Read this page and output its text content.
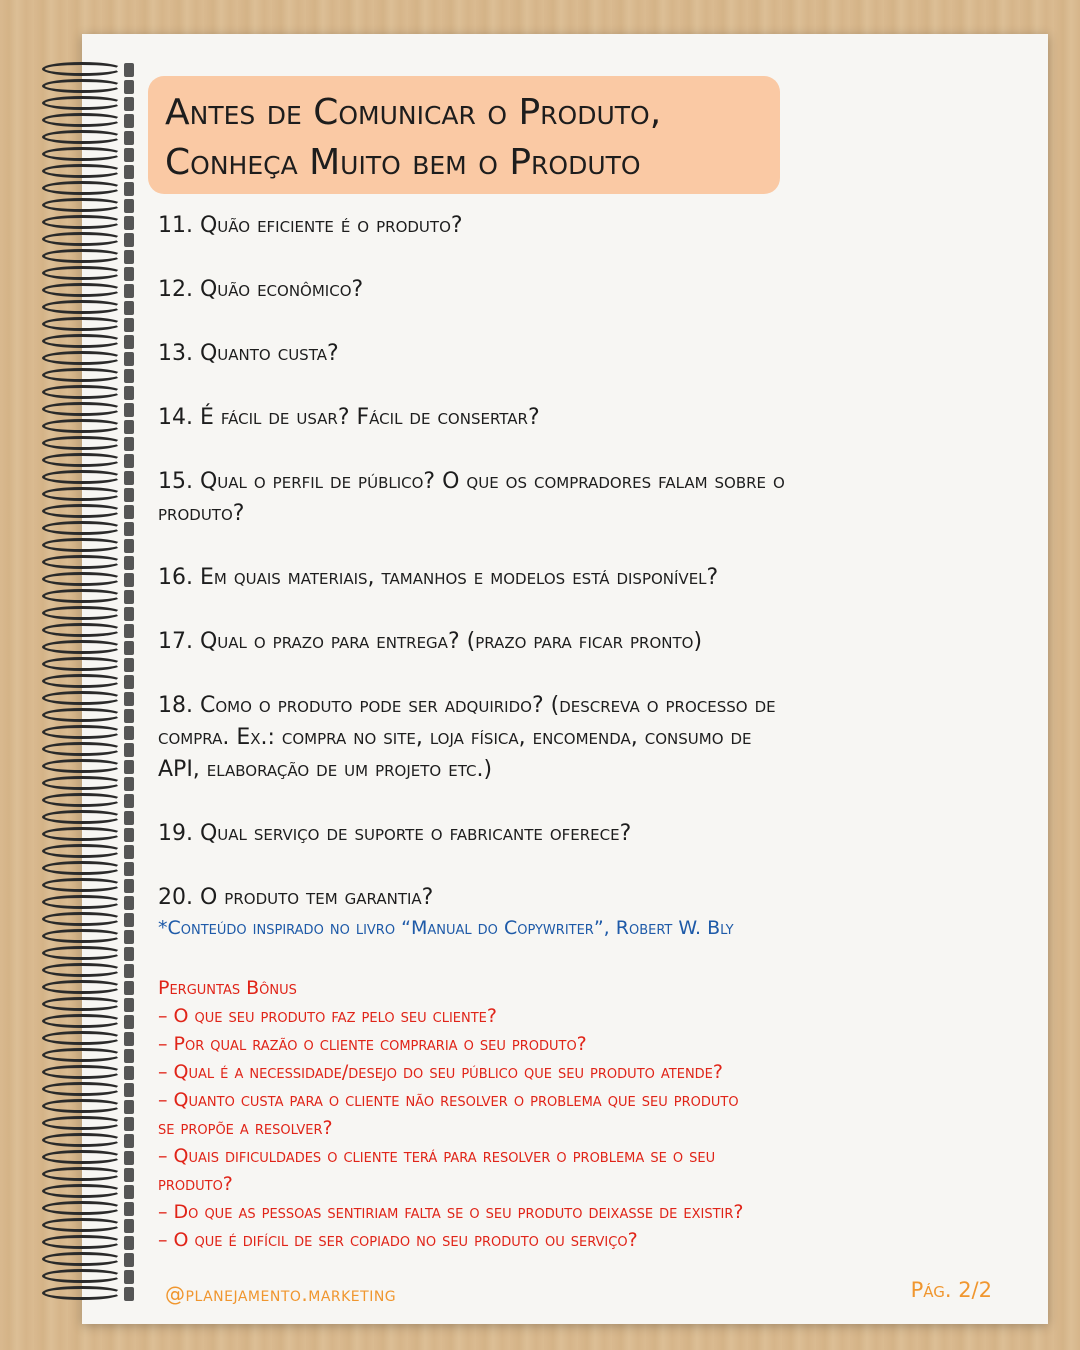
Antes de Comunicar o Produto,
Conheça Muito bem o Produto
11. Quão eficiente é o produto?
12. Quão econômico?
13. Quanto custa?
14. É fácil de usar? Fácil de consertar?
15. Qual o perfil de público? O que os compradores falam sobre o
produto?
16. Em quais materiais, tamanhos e modelos está disponível?
17. Qual o prazo para entrega? (prazo para ficar pronto)
18. Como o produto pode ser adquirido? (descreva o processo de
compra. Ex.: compra no site, loja física, encomenda, consumo de
API, elaboração de um projeto etc.)
19. Qual serviço de suporte o fabricante oferece?
20. O produto tem garantia?

*Conteúdo inspirado no livro “Manual do Copywriter”, Robert W. Bly

Perguntas Bônus
– O que seu produto faz pelo seu cliente?
– Por qual razão o cliente compraria o seu produto?
– Qual é a necessidade/desejo do seu público que seu produto atende?
– Quanto custa para o cliente não resolver o problema que seu produto
se propõe a resolver?
– Quais dificuldades o cliente terá para resolver o problema se o seu
produto?
– Do que as pessoas sentiriam falta se o seu produto deixasse de existir?
– O que é difícil de ser copiado no seu produto ou serviço?

@planejamento.marketing	Pág. 2/2
